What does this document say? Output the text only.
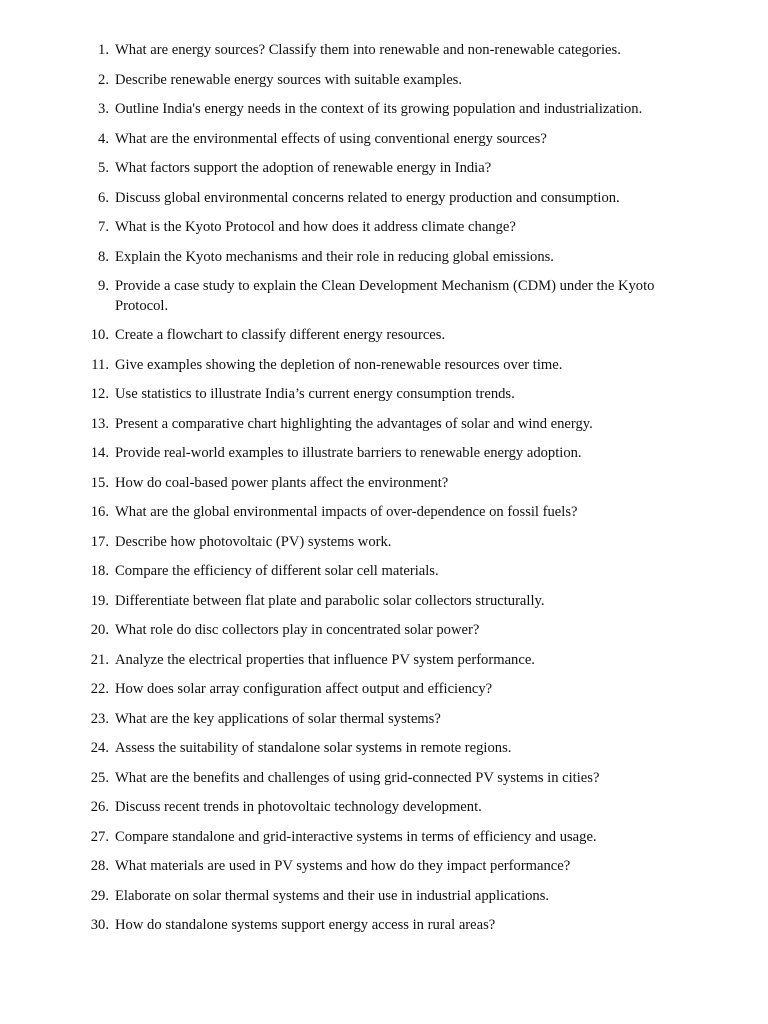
1. What are energy sources? Classify them into renewable and non-renewable categories.
2. Describe renewable energy sources with suitable examples.
3. Outline India's energy needs in the context of its growing population and industrialization.
4. What are the environmental effects of using conventional energy sources?
5. What factors support the adoption of renewable energy in India?
6. Discuss global environmental concerns related to energy production and consumption.
7. What is the Kyoto Protocol and how does it address climate change?
8. Explain the Kyoto mechanisms and their role in reducing global emissions.
9. Provide a case study to explain the Clean Development Mechanism (CDM) under the Kyoto Protocol.
10. Create a flowchart to classify different energy resources.
11. Give examples showing the depletion of non-renewable resources over time.
12. Use statistics to illustrate India’s current energy consumption trends.
13. Present a comparative chart highlighting the advantages of solar and wind energy.
14. Provide real-world examples to illustrate barriers to renewable energy adoption.
15. How do coal-based power plants affect the environment?
16. What are the global environmental impacts of over-dependence on fossil fuels?
17. Describe how photovoltaic (PV) systems work.
18. Compare the efficiency of different solar cell materials.
19. Differentiate between flat plate and parabolic solar collectors structurally.
20. What role do disc collectors play in concentrated solar power?
21. Analyze the electrical properties that influence PV system performance.
22. How does solar array configuration affect output and efficiency?
23. What are the key applications of solar thermal systems?
24. Assess the suitability of standalone solar systems in remote regions.
25. What are the benefits and challenges of using grid-connected PV systems in cities?
26. Discuss recent trends in photovoltaic technology development.
27. Compare standalone and grid-interactive systems in terms of efficiency and usage.
28. What materials are used in PV systems and how do they impact performance?
29. Elaborate on solar thermal systems and their use in industrial applications.
30. How do standalone systems support energy access in rural areas?
